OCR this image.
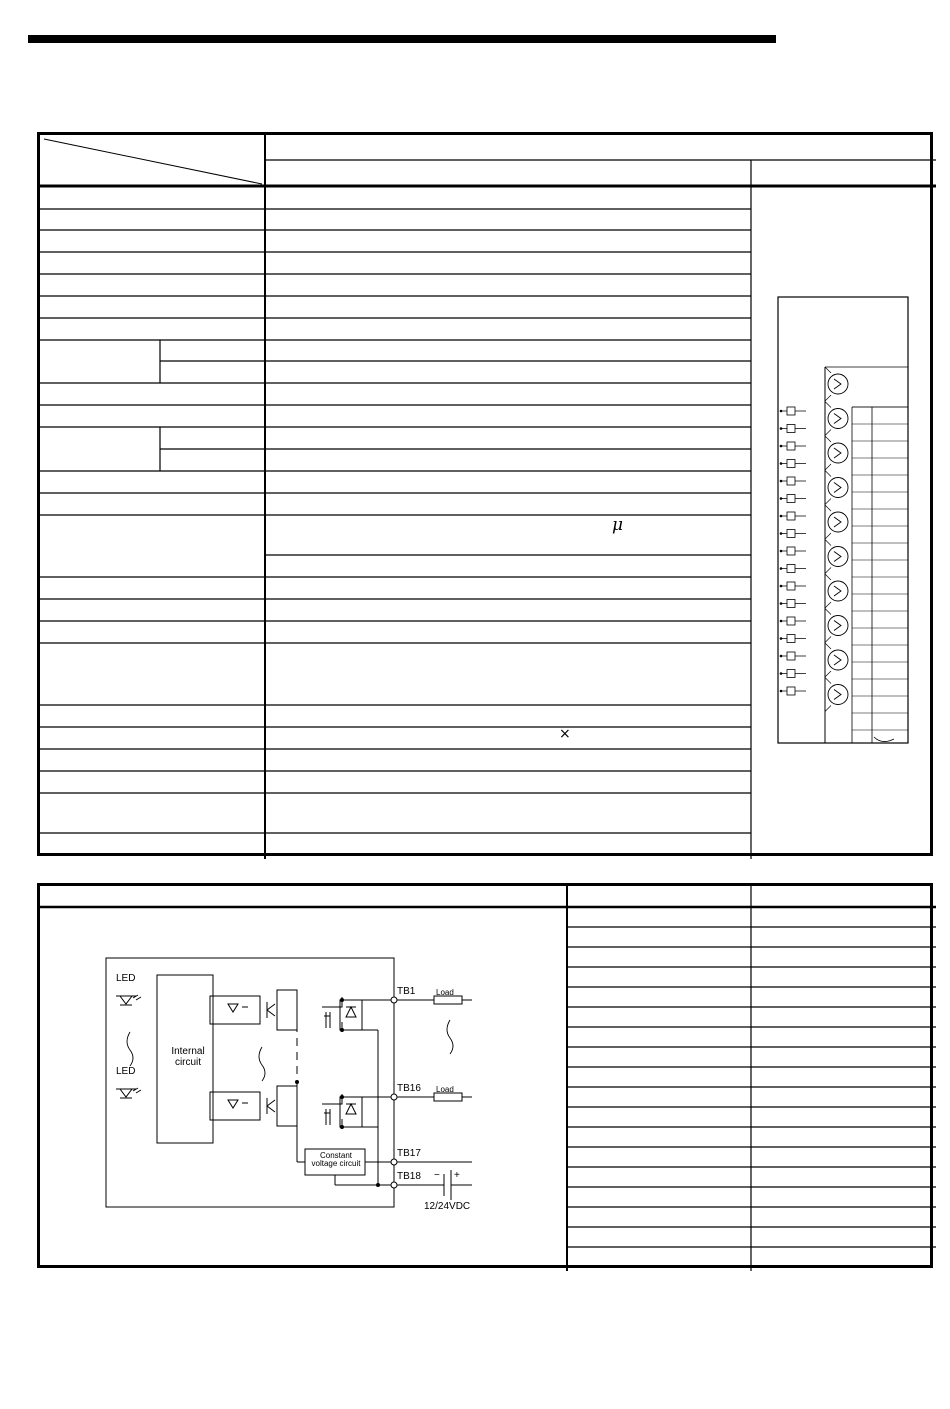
μ
×
LED
LED
Internal circuit
TB1
TB16
TB17
TB18
Load
Load
Constant voltage circuit
− +
12/24VDC
